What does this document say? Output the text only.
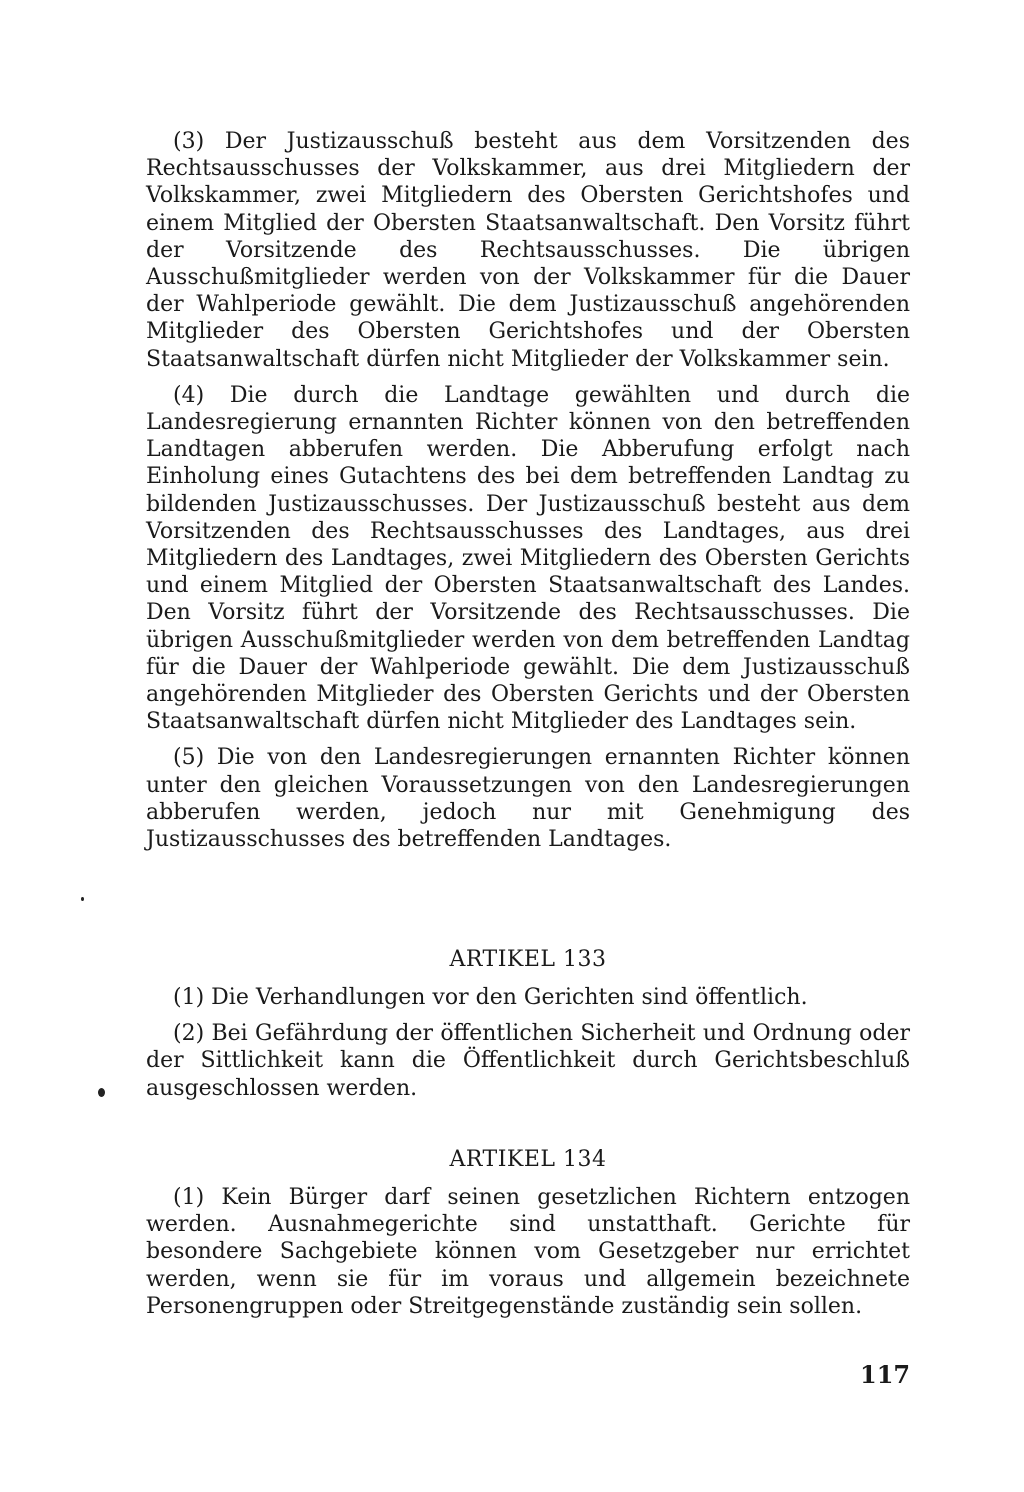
(3) Der Justizausschuß besteht aus dem Vorsitzenden des Rechtsausschusses der Volkskammer, aus drei Mitgliedern der Volkskammer, zwei Mitgliedern des Obersten Gerichtshofes und einem Mitglied der Obersten Staatsanwaltschaft. Den Vorsitz führt der Vorsitzende des Rechtsausschusses. Die übrigen Ausschußmitglieder werden von der Volkskammer für die Dauer der Wahlperiode gewählt. Die dem Justizausschuß angehörenden Mitglieder des Obersten Gerichtshofes und der Obersten Staatsanwaltschaft dürfen nicht Mitglieder der Volkskammer sein.

(4) Die durch die Landtage gewählten und durch die Landesregierung ernannten Richter können von den betreffenden Landtagen abberufen werden. Die Abberufung erfolgt nach Einholung eines Gutachtens des bei dem betreffenden Landtag zu bildenden Justizausschusses. Der Justizausschuß besteht aus dem Vorsitzenden des Rechtsausschusses des Landtages, aus drei Mitgliedern des Landtages, zwei Mitgliedern des Obersten Gerichts und einem Mitglied der Obersten Staatsanwaltschaft des Landes. Den Vorsitz führt der Vorsitzende des Rechtsausschusses. Die übrigen Ausschußmitglieder werden von dem betreffenden Landtag für die Dauer der Wahlperiode gewählt. Die dem Justizausschuß angehörenden Mitglieder des Obersten Gerichts und der Obersten Staatsanwaltschaft dürfen nicht Mitglieder des Landtages sein.

(5) Die von den Landesregierungen ernannten Richter können unter den gleichen Voraussetzungen von den Landesregierungen abberufen werden, jedoch nur mit Genehmigung des Justizausschusses des betreffenden Landtages.

ARTIKEL 133

(1) Die Verhandlungen vor den Gerichten sind öffentlich.

(2) Bei Gefährdung der öffentlichen Sicherheit und Ordnung oder der Sittlichkeit kann die Öffentlichkeit durch Gerichtsbeschluß ausgeschlossen werden.

ARTIKEL 134

(1) Kein Bürger darf seinen gesetzlichen Richtern entzogen werden. Ausnahmegerichte sind unstatthaft. Gerichte für besondere Sachgebiete können vom Gesetzgeber nur errichtet werden, wenn sie für im voraus und allgemein bezeichnete Personengruppen oder Streitgegenstände zuständig sein sollen.

117
